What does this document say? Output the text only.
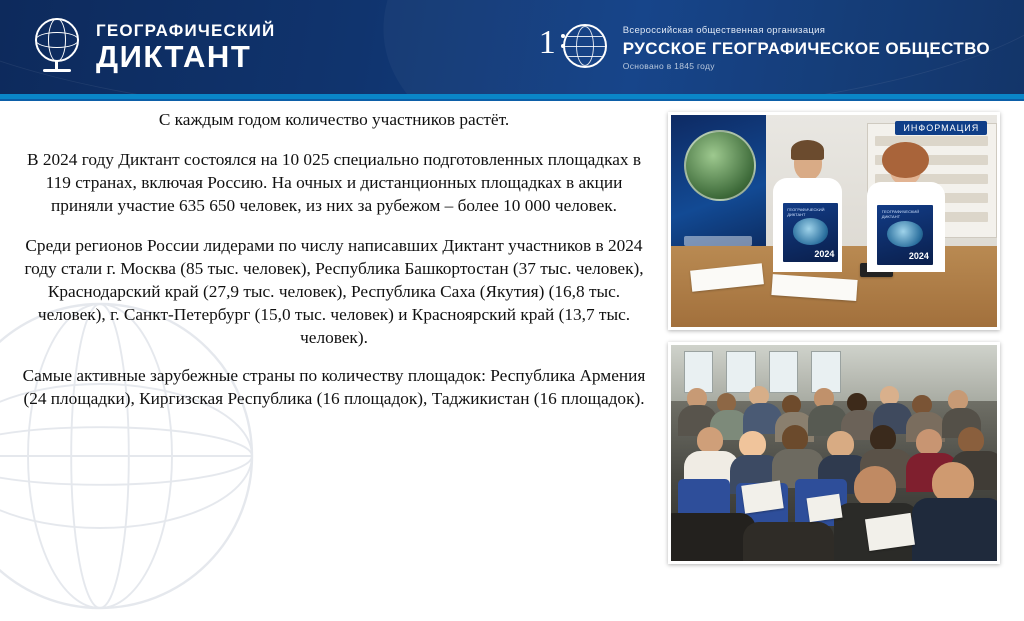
ГЕОГРАФИЧЕСКИЙ
ДИКТАНТ	1	Всероссийская общественная организация
РУССКОЕ ГЕОГРАФИЧЕСКОЕ ОБЩЕСТВО
Основано в 1845 году

С каждым годом количество участников растёт.

В 2024 году Диктант состоялся на 10 025 специально подготовленных площадках в 119 странах, включая Россию. На очных и дистанционных площадках в акции приняли участие 635 650 человек, из них за рубежом – более 10 000 человек.

Среди регионов России лидерами по числу написавших Диктант участников в 2024 году стали г. Москва (85 тыс. человек), Республика Башкортостан (37 тыс. человек), Краснодарский край (27,9 тыс. человек), Республика Саха (Якутия) (16,8 тыс. человек), г. Санкт-Петербург (15,0 тыс. человек) и Красноярский край (13,7 тыс. человек).

Самые активные зарубежные страны по количеству площадок: Республика Армения (24 площадки), Киргизская Республика (16 площадок), Таджикистан (16 площадок).

ИНФОРМАЦИЯ
ГЕОГРАФИЧЕСКИЙ ДИКТАНТ
2024
ГЕОГРАФИЧЕСКИЙ ДИКТАНТ
2024
